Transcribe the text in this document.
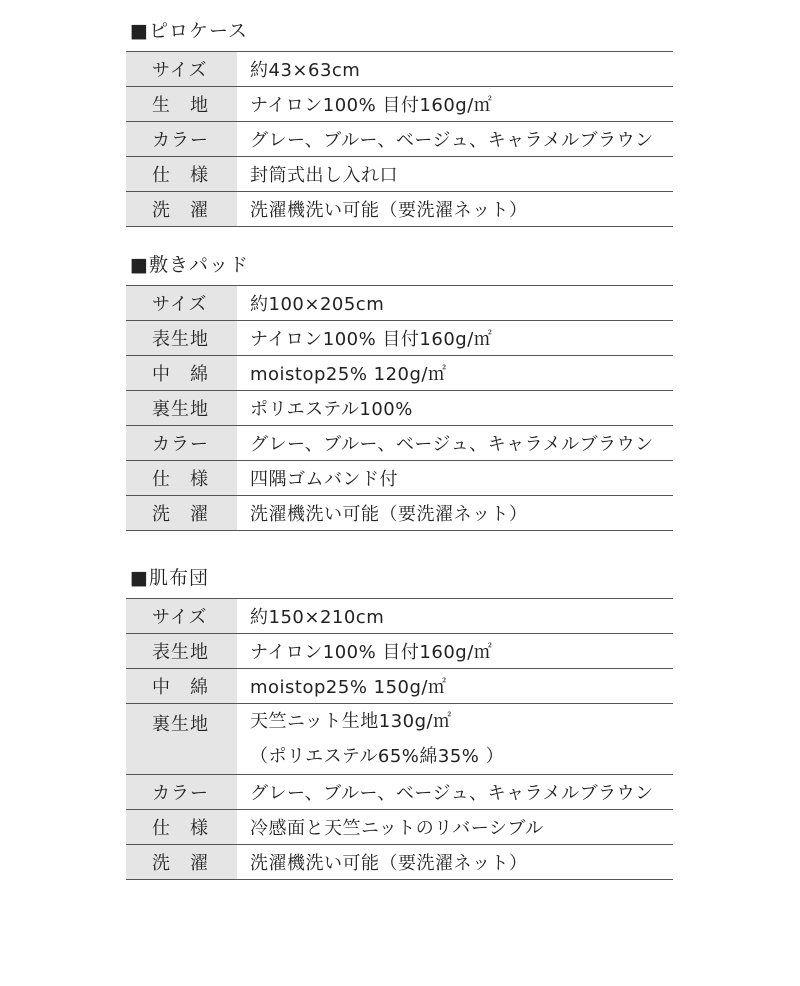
■ピロケース
サイズ	約43×63cm
生　地	ナイロン100% 目付160g/㎡
カラー	グレー、ブルー、ベージュ、キャラメルブラウン
仕　様	封筒式出し入れ口
洗　濯	洗濯機洗い可能（要洗濯ネット）
■敷きパッド
サイズ	約100×205cm
表生地	ナイロン100% 目付160g/㎡
中　綿	moistop25% 120g/㎡
裏生地	ポリエステル100%
カラー	グレー、ブルー、ベージュ、キャラメルブラウン
仕　様	四隅ゴムバンド付
洗　濯	洗濯機洗い可能（要洗濯ネット）
■肌布団
サイズ	約150×210cm
表生地	ナイロン100% 目付160g/㎡
中　綿	moistop25% 150g/㎡
裏生地	天竺ニット生地130g/㎡
（ポリエステル65%綿35% ）

カラー	グレー、ブルー、ベージュ、キャラメルブラウン
仕　様	冷感面と天竺ニットのリバーシブル
洗　濯	洗濯機洗い可能（要洗濯ネット）
